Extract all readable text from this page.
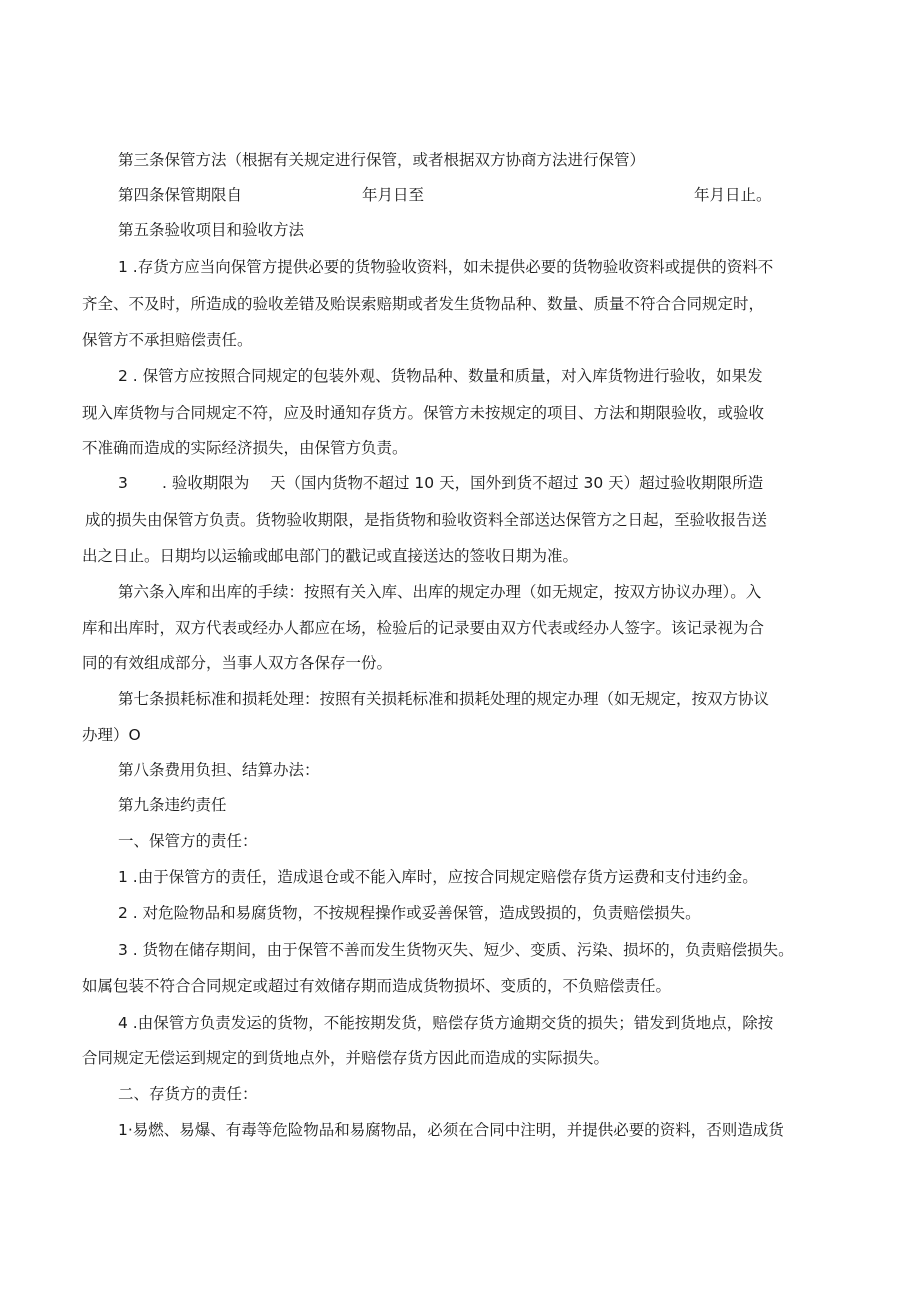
第三条保管方法（根据有关规定进行保管，或者根据双方协商方法进行保管）
第四条保管期限自	年月日至	年月日止。
第五条验收项目和验收方法
1 .存货方应当向保管方提供必要的货物验收资料，如未提供必要的货物验收资料或提供的资料不
齐全、不及时，所造成的验收差错及贻误索赔期或者发生货物品种、数量、质量不符合合同规定时，
保管方不承担赔偿责任。
2 . 保管方应按照合同规定的包装外观、货物品种、数量和质量，对入库货物进行验收，如果发
现入库货物与合同规定不符，应及时通知存货方。保管方未按规定的项目、方法和期限验收，或验收
不准确而造成的实际经济损失，由保管方负责。
3 . 验收期限为 天（国内货物不超过 10 天，国外到货不超过 30 天）超过验收期限所造
成的损失由保管方负责。货物验收期限，是指货物和验收资料全部送达保管方之日起，至验收报告送
出之日止。日期均以运输或邮电部门的戳记或直接送达的签收日期为准。
第六条入库和出库的手续：按照有关入库、出库的规定办理（如无规定，按双方协议办理）。入
库和出库时，双方代表或经办人都应在场，检验后的记录要由双方代表或经办人签字。该记录视为合
同的有效组成部分，当事人双方各保存一份。
第七条损耗标准和损耗处理：按照有关损耗标准和损耗处理的规定办理（如无规定，按双方协议
办理）O
第八条费用负担、结算办法：
第九条违约责任
一、保管方的责任：
1 .由于保管方的责任，造成退仓或不能入库时，应按合同规定赔偿存货方运费和支付违约金。
2 . 对危险物品和易腐货物，不按规程操作或妥善保管，造成毁损的，负责赔偿损失。
3 . 货物在储存期间，由于保管不善而发生货物灭失、短少、变质、污染、损坏的，负责赔偿损失。
如属包装不符合合同规定或超过有效储存期而造成货物损坏、变质的，不负赔偿责任。
4 .由保管方负责发运的货物，不能按期发货，赔偿存货方逾期交货的损失；错发到货地点，除按
合同规定无偿运到规定的到货地点外，并赔偿存货方因此而造成的实际损失。
二、存货方的责任：
1·易燃、易爆、有毒等危险物品和易腐物品，必须在合同中注明，并提供必要的资料，否则造成货
